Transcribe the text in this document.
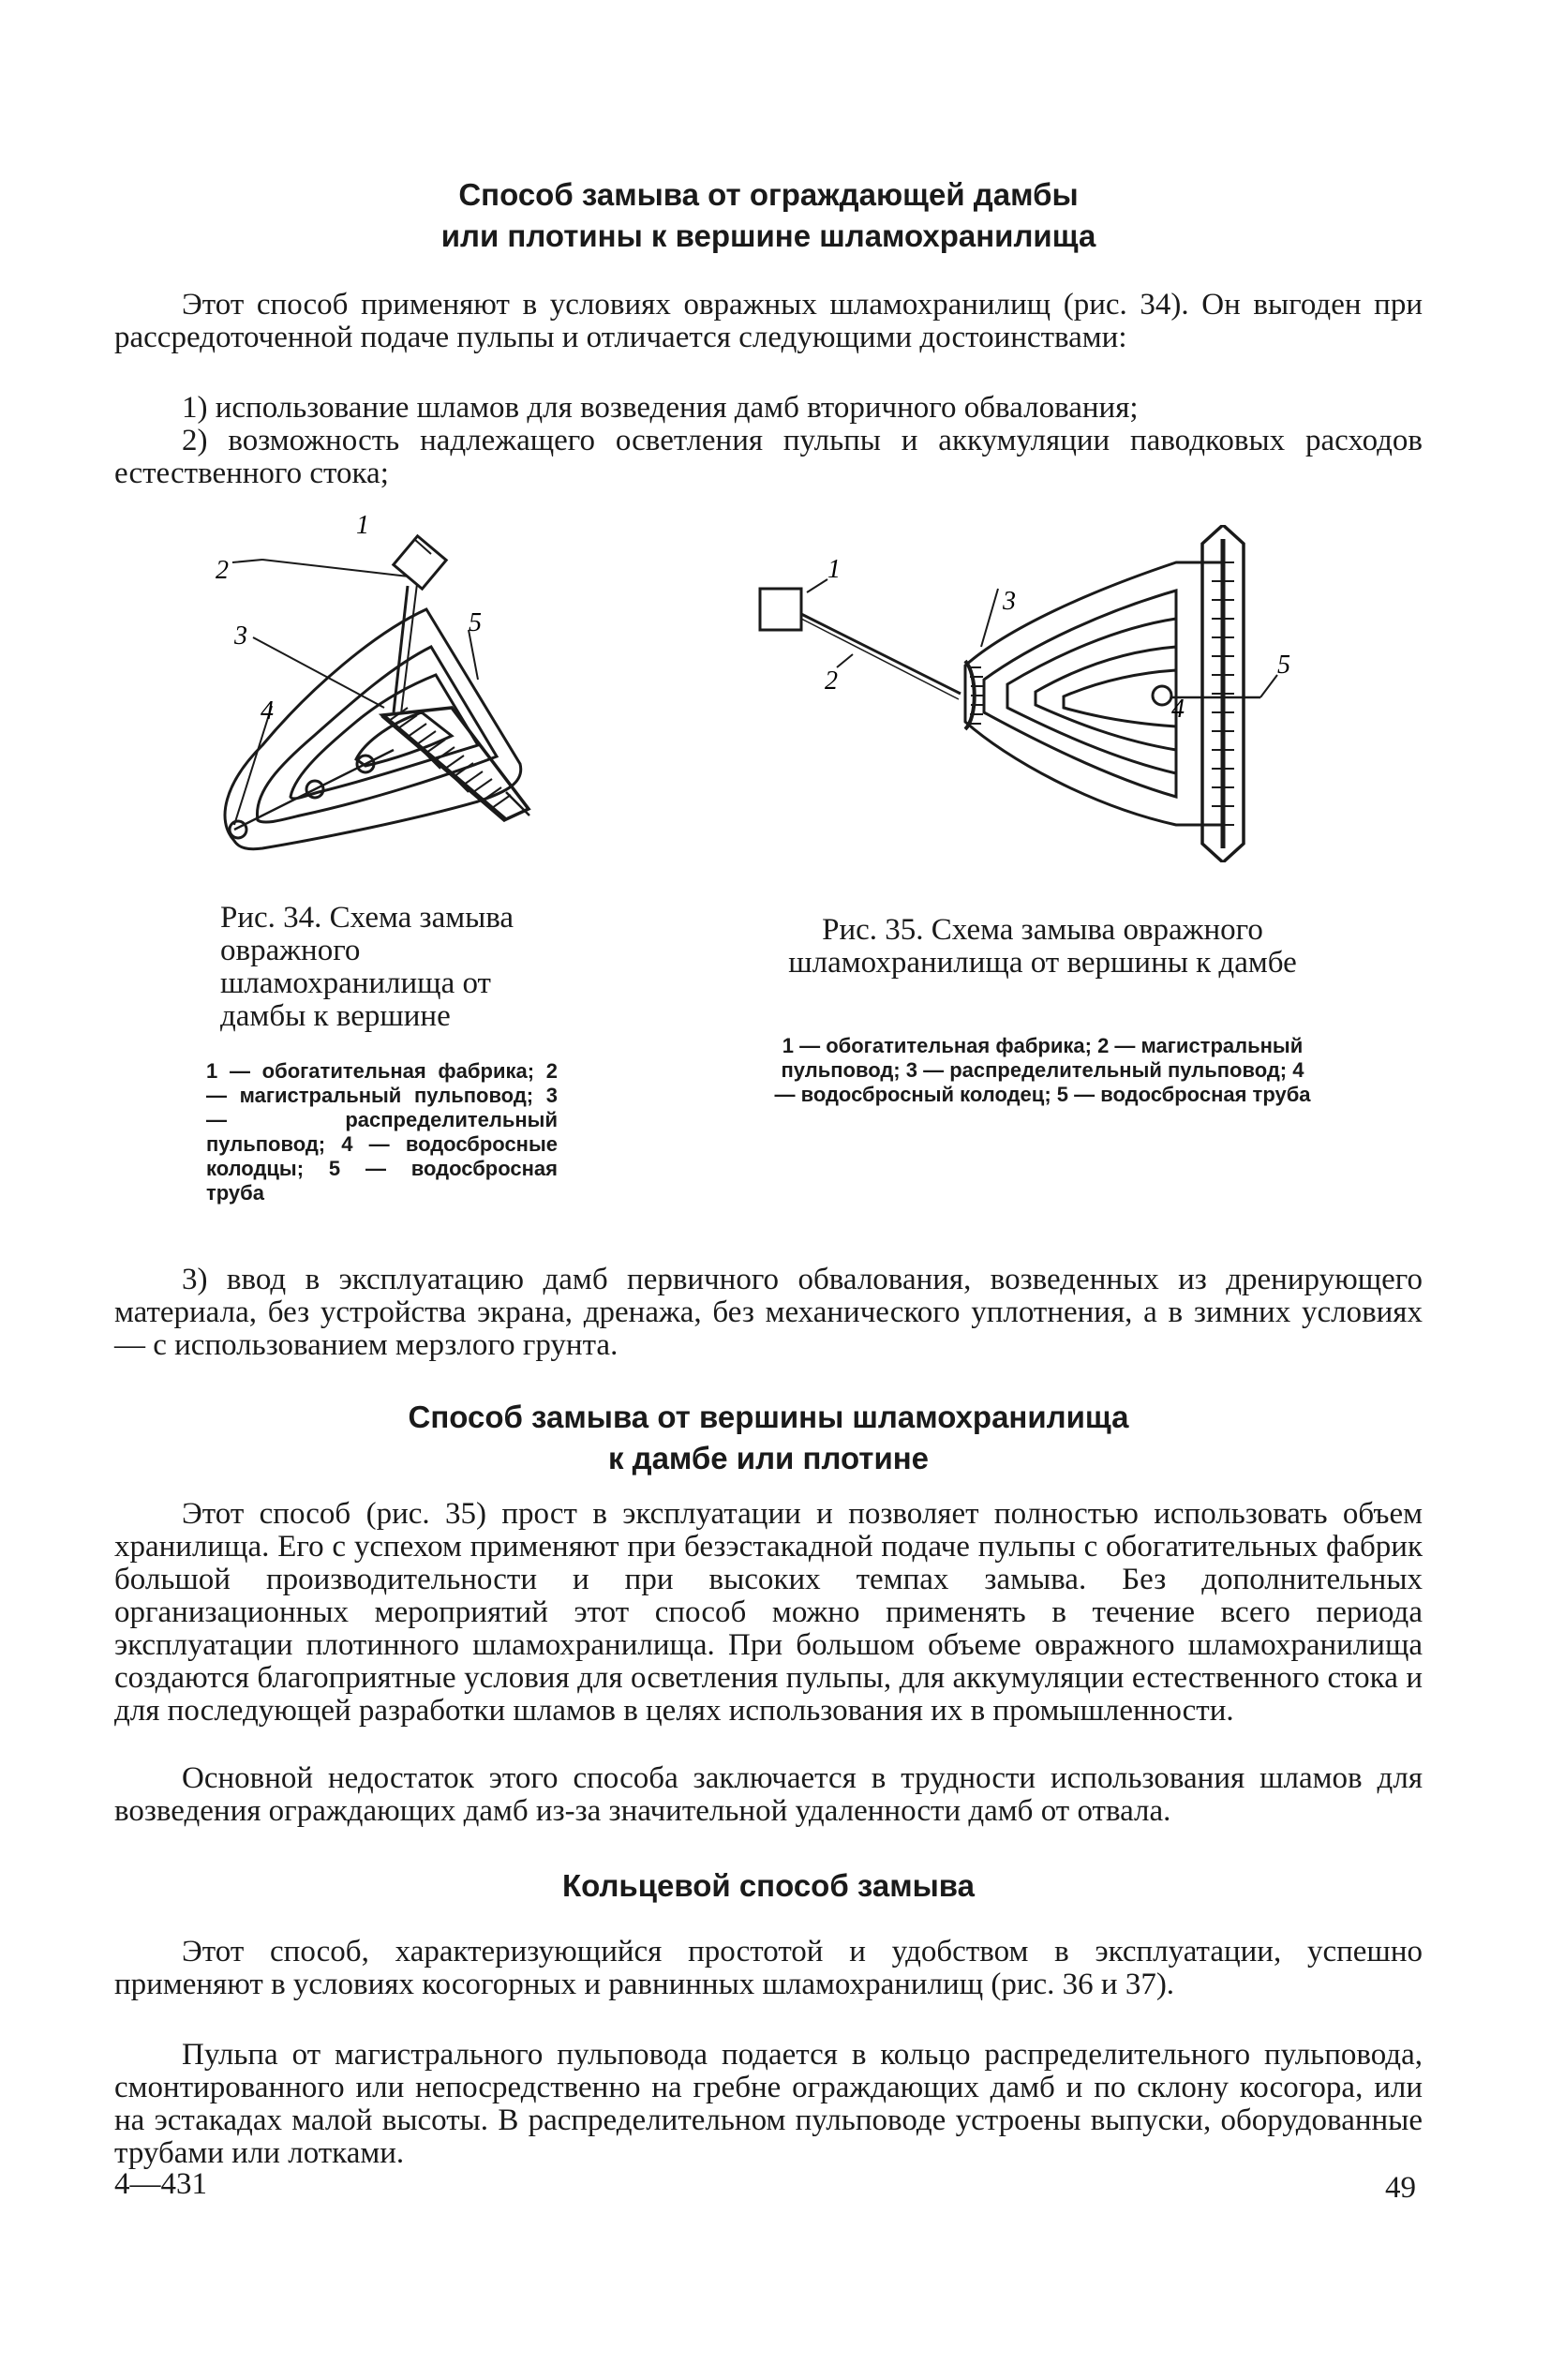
Способ замыва от ограждающей дамбы
или плотины к вершине шламохранилища

Этот способ применяют в условиях овражных шламохранилищ (рис. 34). Он выгоден при рассредоточенной подаче пульпы и отличается следующими достоинствами:

1) использование шламов для возведения дамб вторичного обвалования;

2) возможность надлежащего осветления пульпы и аккумуляции паводковых расходов естественного стока;

1
2
3
4
5
1
2
3
4
5

Рис. 34. Схема замыва овражного шламохранилища от дамбы к вершине

1 — обогатительная фабрика; 2 — магистральный пульповод; 3 — распределительный пульповод; 4 — водосбросные колодцы; 5 — водосбросная труба

Рис. 35. Схема замыва овражного шламохранилища от вершины к дамбе

1 — обогатительная фабрика; 2 — магистральный пульповод; 3 — распределительный пульповод; 4 — водосбросный колодец; 5 — водосбросная труба

3) ввод в эксплуатацию дамб первичного обвалования, возведенных из дренирующего материала, без устройства экрана, дренажа, без механического уплотнения, а в зимних условиях — с использованием мерзлого грунта.

Способ замыва от вершины шламохранилища
к дамбе или плотине

Этот способ (рис. 35) прост в эксплуатации и позволяет полностью использовать объем хранилища. Его с успехом применяют при безэстакадной подаче пульпы с обогатительных фабрик большой производительности и при высоких темпах замыва. Без дополнительных организационных мероприятий этот способ можно применять в течение всего периода эксплуатации плотинного шламохранилища. При большом объеме овражного шламохранилища создаются благоприятные условия для осветления пульпы, для аккумуляции естественного стока и для последующей разработки шламов в целях использования их в промышленности.

Основной недостаток этого способа заключается в трудности использования шламов для возведения ограждающих дамб из-за значительной удаленности дамб от отвала.

Кольцевой способ замыва

Этот способ, характеризующийся простотой и удобством в эксплуатации, успешно применяют в условиях косогорных и равнинных шламохранилищ (рис. 36 и 37).

Пульпа от магистрального пульповода подается в кольцо распределительного пульповода, смонтированного или непосредственно на гребне ограждающих дамб и по склону косогора, или на эстакадах малой высоты. В распределительном пульповоде устроены выпуски, оборудованные трубами или лотками.

4—431	49
